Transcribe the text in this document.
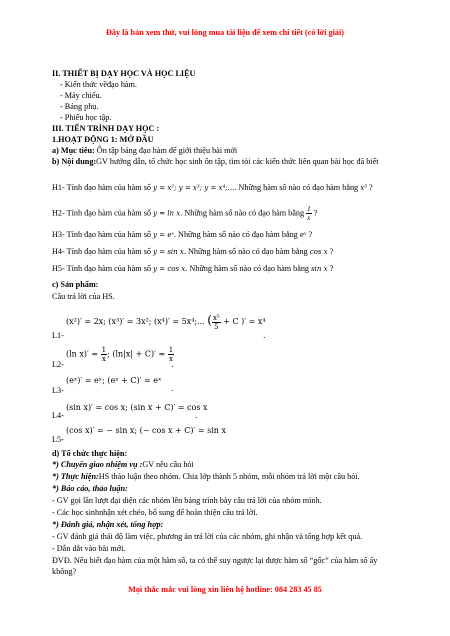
Đây là bản xem thử, vui lòng mua tài liệu để xem chi tiết (có lời giải)
II. THIẾT BỊ DẠY HỌC VÀ HỌC LIỆU
- Kiến thức vềđạo hàm.
- Máy chiếu.
- Bảng phụ.
- Phiếu học tập.
III. TIẾN TRÌNH DẠY HỌC :
1.HOẠT ĐỘNG 1: MỞ ĐẦU
a) Mục tiêu: Ôn tập bảng đạo hàm để giới thiệu bài mới
b) Nội dung:GV hướng dẫn, tổ chức học sinh ôn tập, tìm tòi các kiến thức liên quan bài học đã biết
H1- Tính đạo hàm của hàm số y = x²; y = x³; y = x⁴;.... Những hàm số nào có đạo hàm bằng x³ ?
H2- Tính đạo hàm của hàm số y = ln x. Những hàm số nào có đạo hàm bằng $\frac{1}{x}$ ?
H3- Tính đạo hàm của hàm số y = eˣ. Những hàm số nào có đạo hàm bằng eˣ ?
H4- Tính đạo hàm của hàm số y = sin x. Những hàm số nào có đạo hàm bằng cos x ?
H5- Tính đạo hàm của hàm số y = cos x. Những hàm số nào có đạo hàm bằng sin x ?
c) Sản phẩm:
Câu trả lời của HS.
(x²)′ = 2x; (x³)′ = 3x²; (x⁴)′ = 5x⁴;... ( $\frac{\text{x⁵}}{5} + C$ )′ = x⁴
L1-	.
(ln $x)' = \frac{1}{x}$ ; $(\ln|x| + C)' = \frac{1}{x}$
L2-	.
(eˣ)′ = eˣ; (eˣ + C)′ = eˣ
L3-	.
(sin x)′ = cos x; (sin x + C)′ = cos x
L4-	.
(cos x)′ = − sin x; (− cos x + C)′ = sin x
L5-
d) Tổ chức thực hiện:
*) Chuyển giao nhiệm vụ :GV nêu câu hỏi
*) Thực hiện:HS thảo luận theo nhóm. Chia lớp thành 5 nhóm, mỗi nhóm trả lời một câu hỏi.
*) Báo cáo, thảo luận:
- GV gọi lần lượt đại diện các nhóm lên bảng trình bày câu trả lời của nhóm mình.
- Các học sinhnhận xét chéo, bổ sung để hoàn thiện câu trả lời.
*) Đánh giá, nhận xét, tổng hợp:
- GV đánh giá thái độ làm việc, phương án trả lời của các nhóm, ghi nhận và tổng hợp kết quả.
- Dẫn dắt vào bài mới.
ĐVĐ. Nếu biết đạo hàm của một hàm số, ta có thể suy ngược lại được hàm số “gốc” của hàm số ấy
không?
Mọi thắc mắc vui lòng xin liên hệ hotline: 084 283 45 85
